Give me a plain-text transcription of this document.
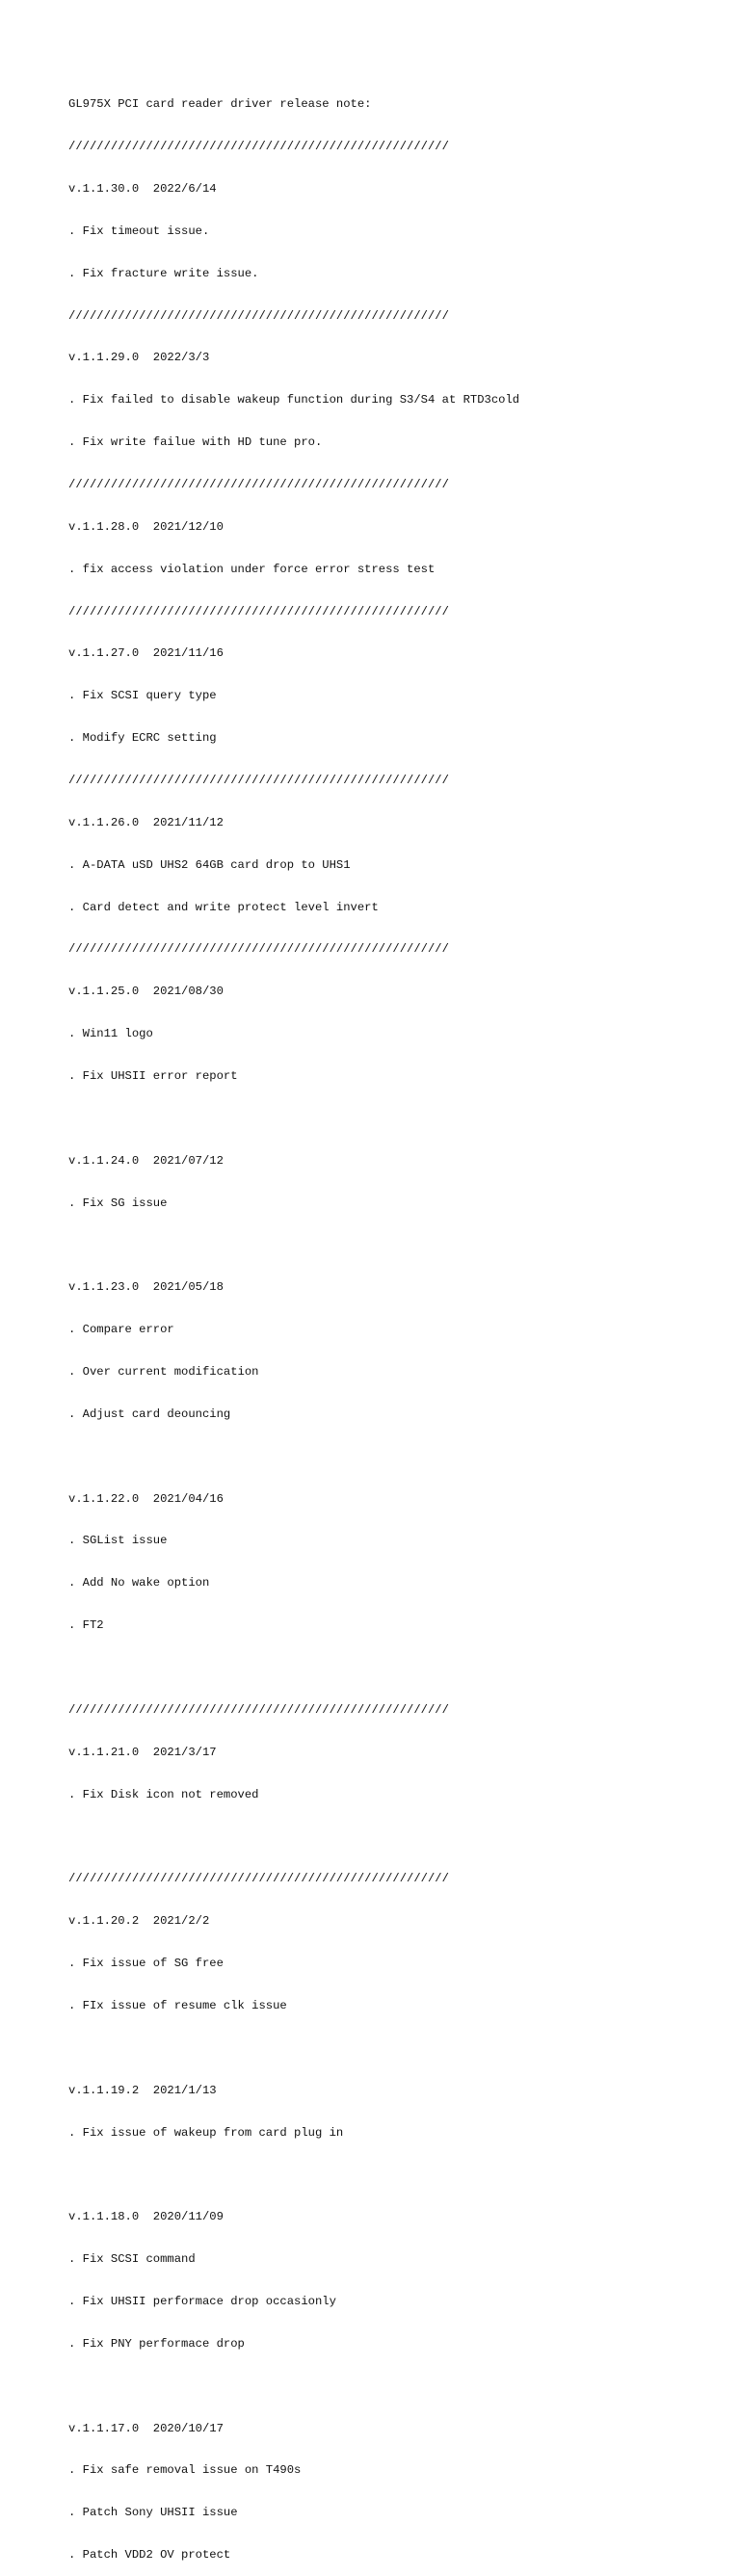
GL975X PCI card reader driver release note:

//////////////////////////////////////////////////////

v.1.1.30.0  2022/6/14

. Fix timeout issue.

. Fix fracture write issue.

//////////////////////////////////////////////////////

v.1.1.29.0  2022/3/3

. Fix failed to disable wakeup function during S3/S4 at RTD3cold

. Fix write failue with HD tune pro.

//////////////////////////////////////////////////////

v.1.1.28.0  2021/12/10

. fix access violation under force error stress test

//////////////////////////////////////////////////////

v.1.1.27.0  2021/11/16

. Fix SCSI query type

. Modify ECRC setting

//////////////////////////////////////////////////////

v.1.1.26.0  2021/11/12

. A-DATA uSD UHS2 64GB card drop to UHS1

. Card detect and write protect level invert

//////////////////////////////////////////////////////

v.1.1.25.0  2021/08/30

. Win11 logo

. Fix UHSII error report

v.1.1.24.0  2021/07/12

. Fix SG issue

v.1.1.23.0  2021/05/18

. Compare error

. Over current modification

. Adjust card deouncing

v.1.1.22.0  2021/04/16

. SGList issue

. Add No wake option

. FT2

//////////////////////////////////////////////////////

v.1.1.21.0  2021/3/17

. Fix Disk icon not removed

//////////////////////////////////////////////////////

v.1.1.20.2  2021/2/2

. Fix issue of SG free

. FIx issue of resume clk issue

v.1.1.19.2  2021/1/13

. Fix issue of wakeup from card plug in

v.1.1.18.0  2020/11/09

. Fix SCSI command

. Fix UHSII performace drop occasionly

. Fix PNY performace drop

v.1.1.17.0  2020/10/17

. Fix safe removal issue on T490s

. Patch Sony UHSII issue

. Patch VDD2 OV protect
